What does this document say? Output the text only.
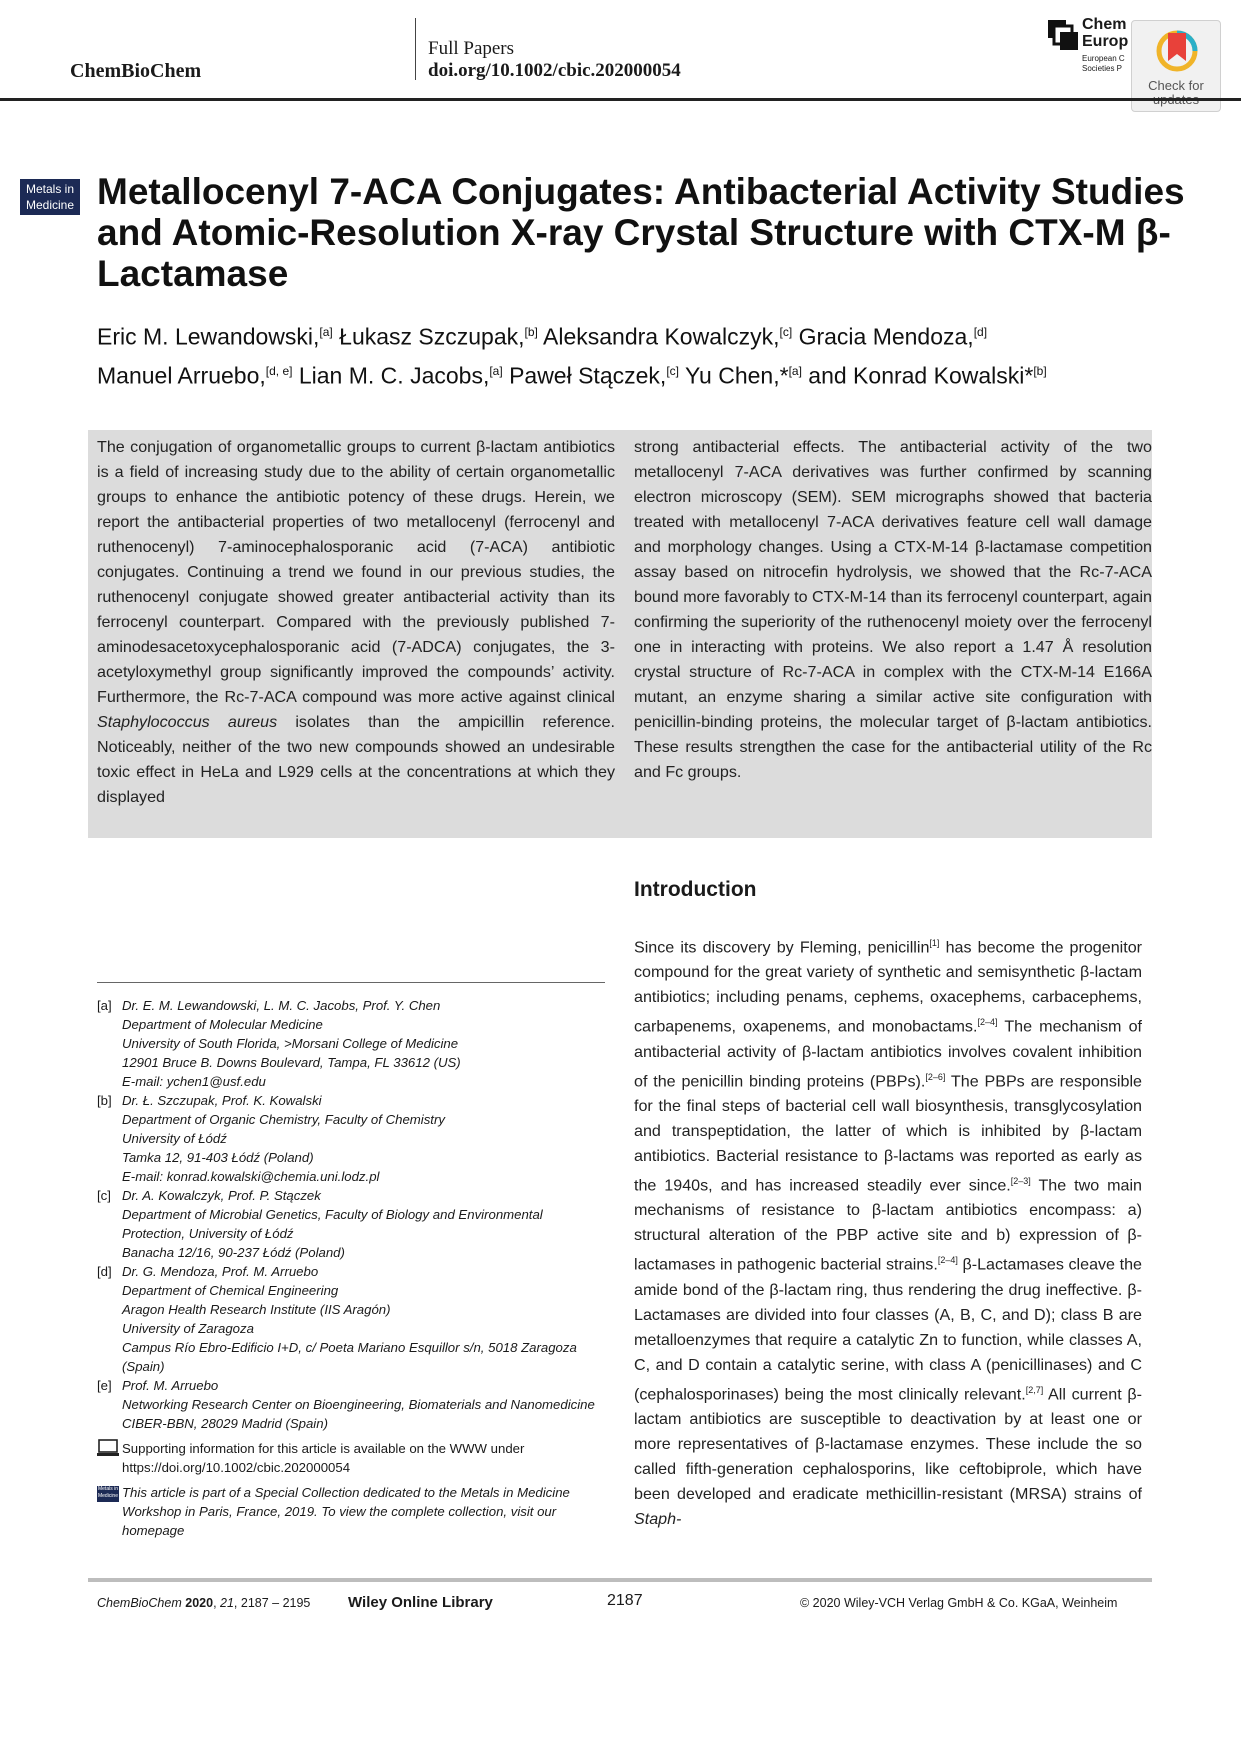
ChemBioChem
Full Papers
doi.org/10.1002/cbic.202000054
Chem
Europ
European C
Societies P
Check for
Metals in
Medicine Metallocenyl 7-ACA Conjugates: Antibacterial Activity Studies and Atomic-Resolution X-ray Crystal Structure with CTX-M β-Lactamase
Eric M. Lewandowski,[a] Łukasz Szczupak,[b] Aleksandra Kowalczyk,[c] Gracia Mendoza,[d]
Manuel Arruebo,[d, e] Lian M. C. Jacobs,[a] Paweł Stączek,[c] Yu Chen,*[a] and Konrad Kowalski*[b]
The conjugation of organometallic groups to current β-lactam antibiotics is a field of increasing study due to the ability of certain organometallic groups to enhance the antibiotic potency of these drugs. Herein, we report the antibacterial properties of two metallocenyl (ferrocenyl and ruthenocenyl) 7-aminocephalosporanic acid (7-ACA) antibiotic conjugates. Continuing a trend we found in our previous studies, the ruthenocenyl conjugate showed greater antibacterial activity than its ferrocenyl counterpart. Compared with the previously published 7-aminodesacetoxycephalosporanic acid (7-ADCA) conjugates, the 3-acetyloxymethyl group significantly improved the compounds’ activity. Furthermore, the Rc-7-ACA compound was more active against clinical Staphylococcus aureus isolates than the ampicillin reference. Noticeably, neither of the two new compounds showed an undesirable toxic effect in HeLa and L929 cells at the concentrations at which they displayed
strong antibacterial effects. The antibacterial activity of the two metallocenyl 7-ACA derivatives was further confirmed by scanning electron microscopy (SEM). SEM micrographs showed that bacteria treated with metallocenyl 7-ACA derivatives feature cell wall damage and morphology changes. Using a CTX-M-14 β-lactamase competition assay based on nitrocefin hydrolysis, we showed that the Rc-7-ACA bound more favorably to CTX-M-14 than its ferrocenyl counterpart, again confirming the superiority of the ruthenocenyl moiety over the ferrocenyl one in interacting with proteins. We also report a 1.47 Å resolution crystal structure of Rc-7-ACA in complex with the CTX-M-14 E166A mutant, an enzyme sharing a similar active site configuration with penicillin-binding proteins, the molecular target of β-lactam antibiotics. These results strengthen the case for the antibacterial utility of the Rc and Fc groups.
[a] Dr. E. M. Lewandowski, L. M. C. Jacobs, Prof. Y. Chen
Department of Molecular Medicine
University of South Florida, >Morsani College of Medicine
12901 Bruce B. Downs Boulevard, Tampa, FL 33612 (US)
E-mail: ychen1@usf.edu
[b] Dr. Ł. Szczupak, Prof. K. Kowalski
Department of Organic Chemistry, Faculty of Chemistry
University of Łódź
Tamka 12, 91-403 Łódź (Poland)
E-mail: konrad.kowalski@chemia.uni.lodz.pl
[c] Dr. A. Kowalczyk, Prof. P. Stączek
Department of Microbial Genetics, Faculty of Biology and Environmental Protection, University of Łódź
Banacha 12/16, 90-237 Łódź (Poland)
[d] Dr. G. Mendoza, Prof. M. Arruebo
Department of Chemical Engineering
Aragon Health Research Institute (IIS Aragón)
University of Zaragoza
Campus Río Ebro-Edificio I+D, c/ Poeta Mariano Esquillor s/n, 5018 Zaragoza (Spain)
[e] Prof. M. Arruebo
Networking Research Center on Bioengineering, Biomaterials and Nanomedicine
CIBER-BBN, 28029 Madrid (Spain)
Supporting information for this article is available on the WWW under https://doi.org/10.1002/cbic.202000054
Metals in
Medicine This article is part of a Special Collection dedicated to the Metals in Medicine Workshop in Paris, France, 2019. To view the complete collection, visit our homepage
Introduction
Since its discovery by Fleming, penicillin[1] has become the progenitor compound for the great variety of synthetic and semisynthetic β-lactam antibiotics; including penams, cephems, oxacephems, carbacephems, carbapenems, oxapenems, and monobactams.[2–4] The mechanism of antibacterial activity of β-lactam antibiotics involves covalent inhibition of the penicillin binding proteins (PBPs).[2–6] The PBPs are responsible for the final steps of bacterial cell wall biosynthesis, transglycosylation and transpeptidation, the latter of which is inhibited by β-lactam antibiotics. Bacterial resistance to β-lactams was reported as early as the 1940s, and has increased steadily ever since.[2–3] The two main mechanisms of resistance to β-lactam antibiotics encompass: a) structural alteration of the PBP active site and b) expression of β-lactamases in pathogenic bacterial strains.[2–4] β-Lactamases cleave the amide bond of the β-lactam ring, thus rendering the drug ineffective. β-Lactamases are divided into four classes (A, B, C, and D); class B are metalloenzymes that require a catalytic Zn to function, while classes A, C, and D contain a catalytic serine, with class A (penicillinases) and C (cephalosporinases) being the most clinically relevant.[2,7] All current β-lactam antibiotics are susceptible to deactivation by at least one or more representatives of β-lactamase enzymes. These include the so called fifth-generation cephalosporins, like ceftobiprole, which have been developed and eradicate methicillin-resistant (MRSA) strains of Staph-
ChemBioChem 2020, 21, 2187 – 2195	Wiley Online Library	2187	© 2020 Wiley-VCH Verlag GmbH & Co. KGaA, Weinheim
